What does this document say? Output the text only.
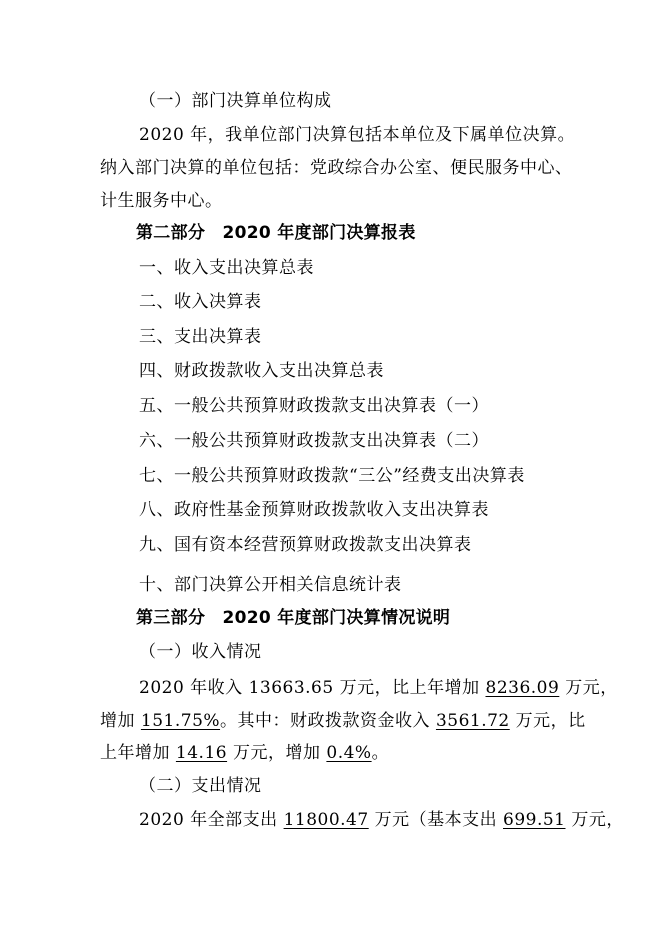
（一）部门决算单位构成
2020 年，我单位部门决算包括本单位及下属单位决算。
纳入部门决算的单位包括：党政综合办公室、便民服务中心、
计生服务中心。
第二部分　2020 年度部门决算报表
一、收入支出决算总表
二、收入决算表
三、支出决算表
四、财政拨款收入支出决算总表
五、一般公共预算财政拨款支出决算表（一）
六、一般公共预算财政拨款支出决算表（二）
七、一般公共预算财政拨款“三公”经费支出决算表
八、政府性基金预算财政拨款收入支出决算表
九、国有资本经营预算财政拨款支出决算表
十、部门决算公开相关信息统计表
第三部分　2020 年度部门决算情况说明
（一）收入情况
2020 年收入 13663.65 万元，比上年增加 8236.09 万元，
增加 151.75%。其中：财政拨款资金收入 3561.72 万元，比
上年增加 14.16 万元，增加 0.4%。
（二）支出情况
2020 年全部支出 11800.47 万元（基本支出 699.51 万元，
